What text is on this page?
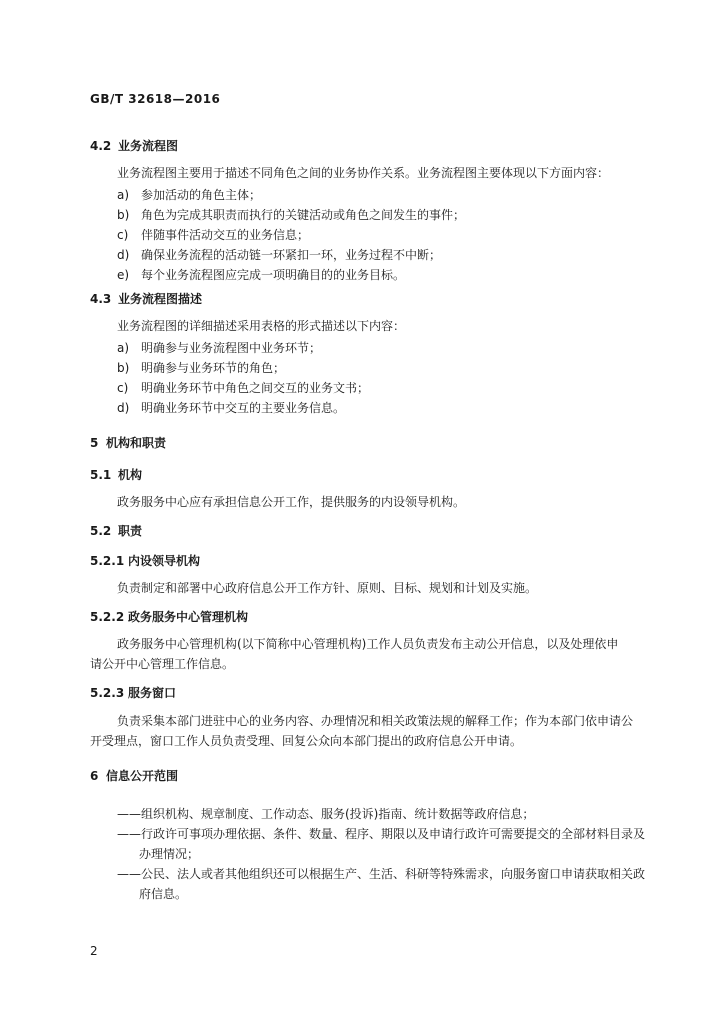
GB/T 32618—2016
4.2 业务流程图
业务流程图主要用于描述不同角色之间的业务协作关系。业务流程图主要体现以下方面内容：
a) 参加活动的角色主体；
b) 角色为完成其职责而执行的关键活动或角色之间发生的事件；
c) 伴随事件活动交互的业务信息；
d) 确保业务流程的活动链一环紧扣一环，业务过程不中断；
e) 每个业务流程图应完成一项明确目的的业务目标。
4.3 业务流程图描述
业务流程图的详细描述采用表格的形式描述以下内容：
a) 明确参与业务流程图中业务环节；
b) 明确参与业务环节的角色；
c) 明确业务环节中角色之间交互的业务文书；
d) 明确业务环节中交互的主要业务信息。
5 机构和职责
5.1 机构
政务服务中心应有承担信息公开工作，提供服务的内设领导机构。
5.2 职责
5.2.1 内设领导机构
负责制定和部署中心政府信息公开工作方针、原则、目标、规划和计划及实施。
5.2.2 政务服务中心管理机构
政务服务中心管理机构(以下简称中心管理机构)工作人员负责发布主动公开信息，以及处理依申
请公开中心管理工作信息。
5.2.3 服务窗口
负责采集本部门进驻中心的业务内容、办理情况和相关政策法规的解释工作；作为本部门依申请公
开受理点，窗口工作人员负责受理、回复公众向本部门提出的政府信息公开申请。
6 信息公开范围
——组织机构、规章制度、工作动态、服务(投诉)指南、统计数据等政府信息；
——行政许可事项办理依据、条件、数量、程序、期限以及申请行政许可需要提交的全部材料目录及
办理情况；
——公民、法人或者其他组织还可以根据生产、生活、科研等特殊需求，向服务窗口申请获取相关政
府信息。
2
